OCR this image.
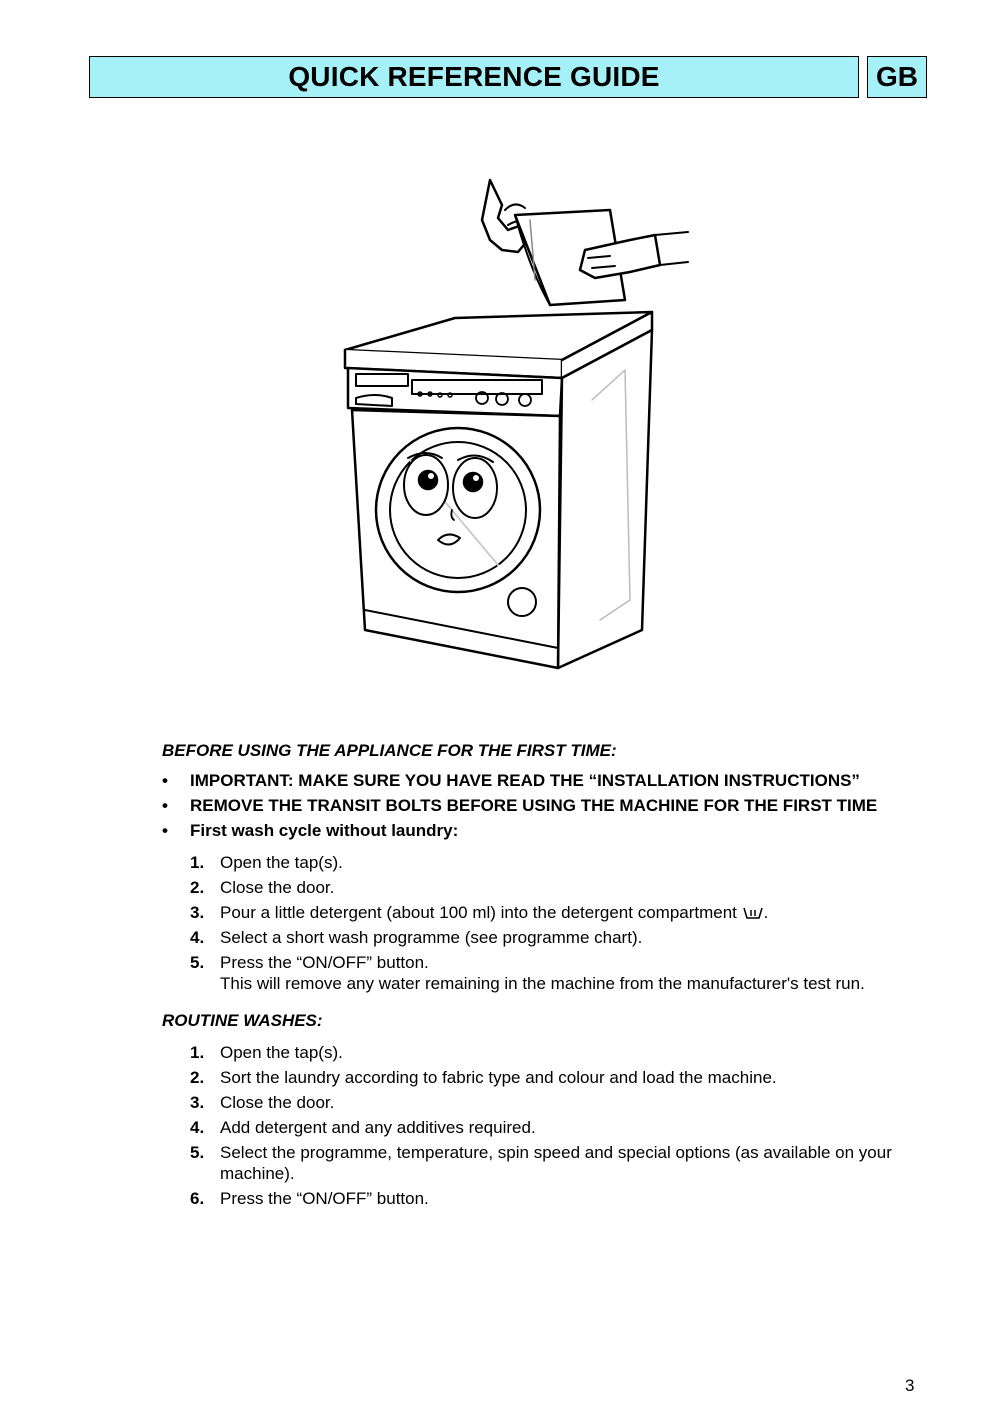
QUICK REFERENCE GUIDE	GB
BEFORE USING THE APPLIANCE FOR THE FIRST TIME:
• IMPORTANT: MAKE SURE YOU HAVE READ THE “INSTALLATION INSTRUCTIONS”
• REMOVE THE TRANSIT BOLTS BEFORE USING THE MACHINE FOR THE FIRST TIME
• First wash cycle without laundry:
1. Open the tap(s).
2. Close the door.
3. Pour a little detergent (about 100 ml) into the detergent compartment .
4. Select a short wash programme (see programme chart).
5. Press the “ON/OFF” button.
This will remove any water remaining in the machine from the manufacturer's test run.
ROUTINE WASHES:
1. Open the tap(s).
2. Sort the laundry according to fabric type and colour and load the machine.
3. Close the door.
4. Add detergent and any additives required.
5. Select the programme, temperature, spin speed and special options (as available on your machine).
6. Press the “ON/OFF” button.
3
